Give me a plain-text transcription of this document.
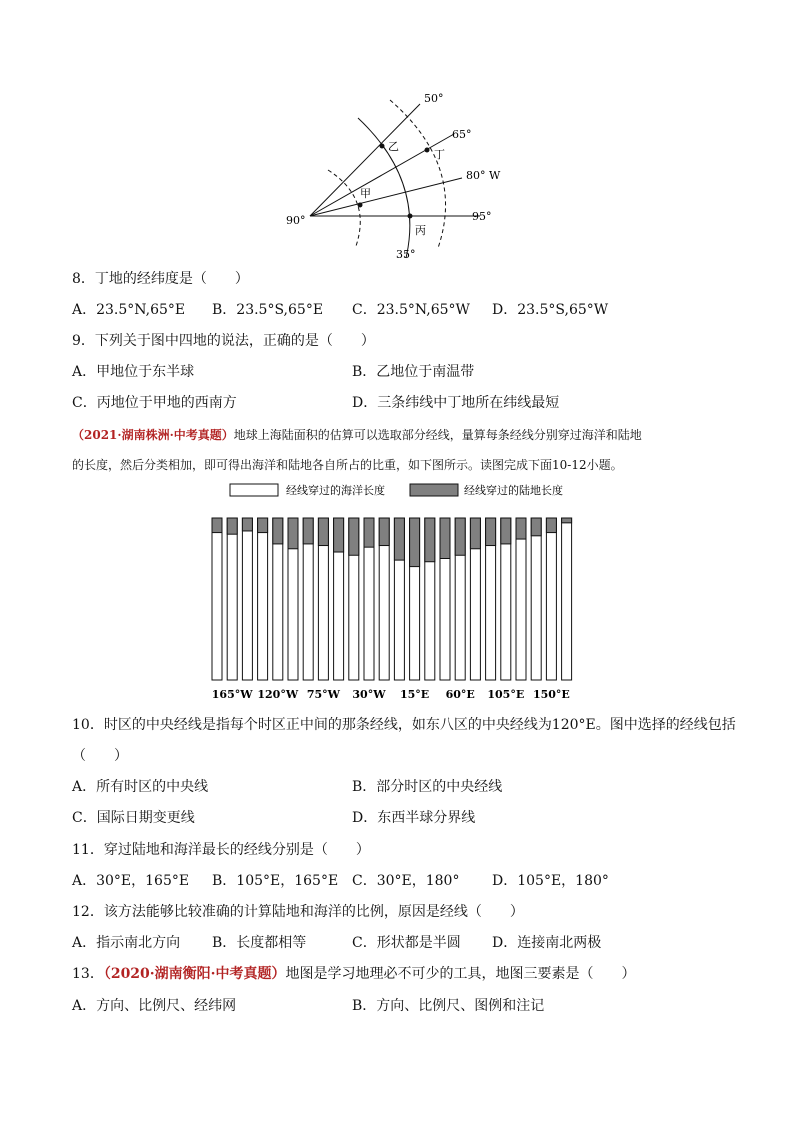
50°
65°
80° W
95°
90°
35°
甲
乙
丁
丙
8．丁地的经纬度是（　　）
A．23.5°N,65°E B．23.5°S,65°E C．23.5°N,65°W D．23.5°S,65°W
9．下列关于图中四地的说法，正确的是（　　）
A．甲地位于东半球	B．乙地位于南温带
C．丙地位于甲地的西南方	D．三条纬线中丁地所在纬线最短
（2021·湖南株洲·中考真题）地球上海陆面积的估算可以选取部分经线，量算每条经线分别穿过海洋和陆地
的长度，然后分类相加，即可得出海洋和陆地各自所占的比重，如下图所示。读图完成下面10-12小题。
经线穿过的海洋长度	经线穿过的陆地长度
165°W 120°W 75°W 30°W 15°E 60°E 105°E 150°E
10．时区的中央经线是指每个时区正中间的那条经线，如东八区的中央经线为120°E。图中选择的经线包括
（　　）
A．所有时区的中央线	B．部分时区的中央经线
C．国际日期变更线	D．东西半球分界线
11．穿过陆地和海洋最长的经线分别是（　　）
A．30°E，165°E B．105°E，165°E C．30°E，180° D．105°E，180°
12．该方法能够比较准确的计算陆地和海洋的比例，原因是经线（　　）
A．指示南北方向 B．长度都相等	C．形状都是半圆 D．连接南北两极
13．（2020·湖南衡阳·中考真题）地图是学习地理必不可少的工具，地图三要素是（　　）
A．方向、比例尺、经纬网	B．方向、比例尺、图例和注记
